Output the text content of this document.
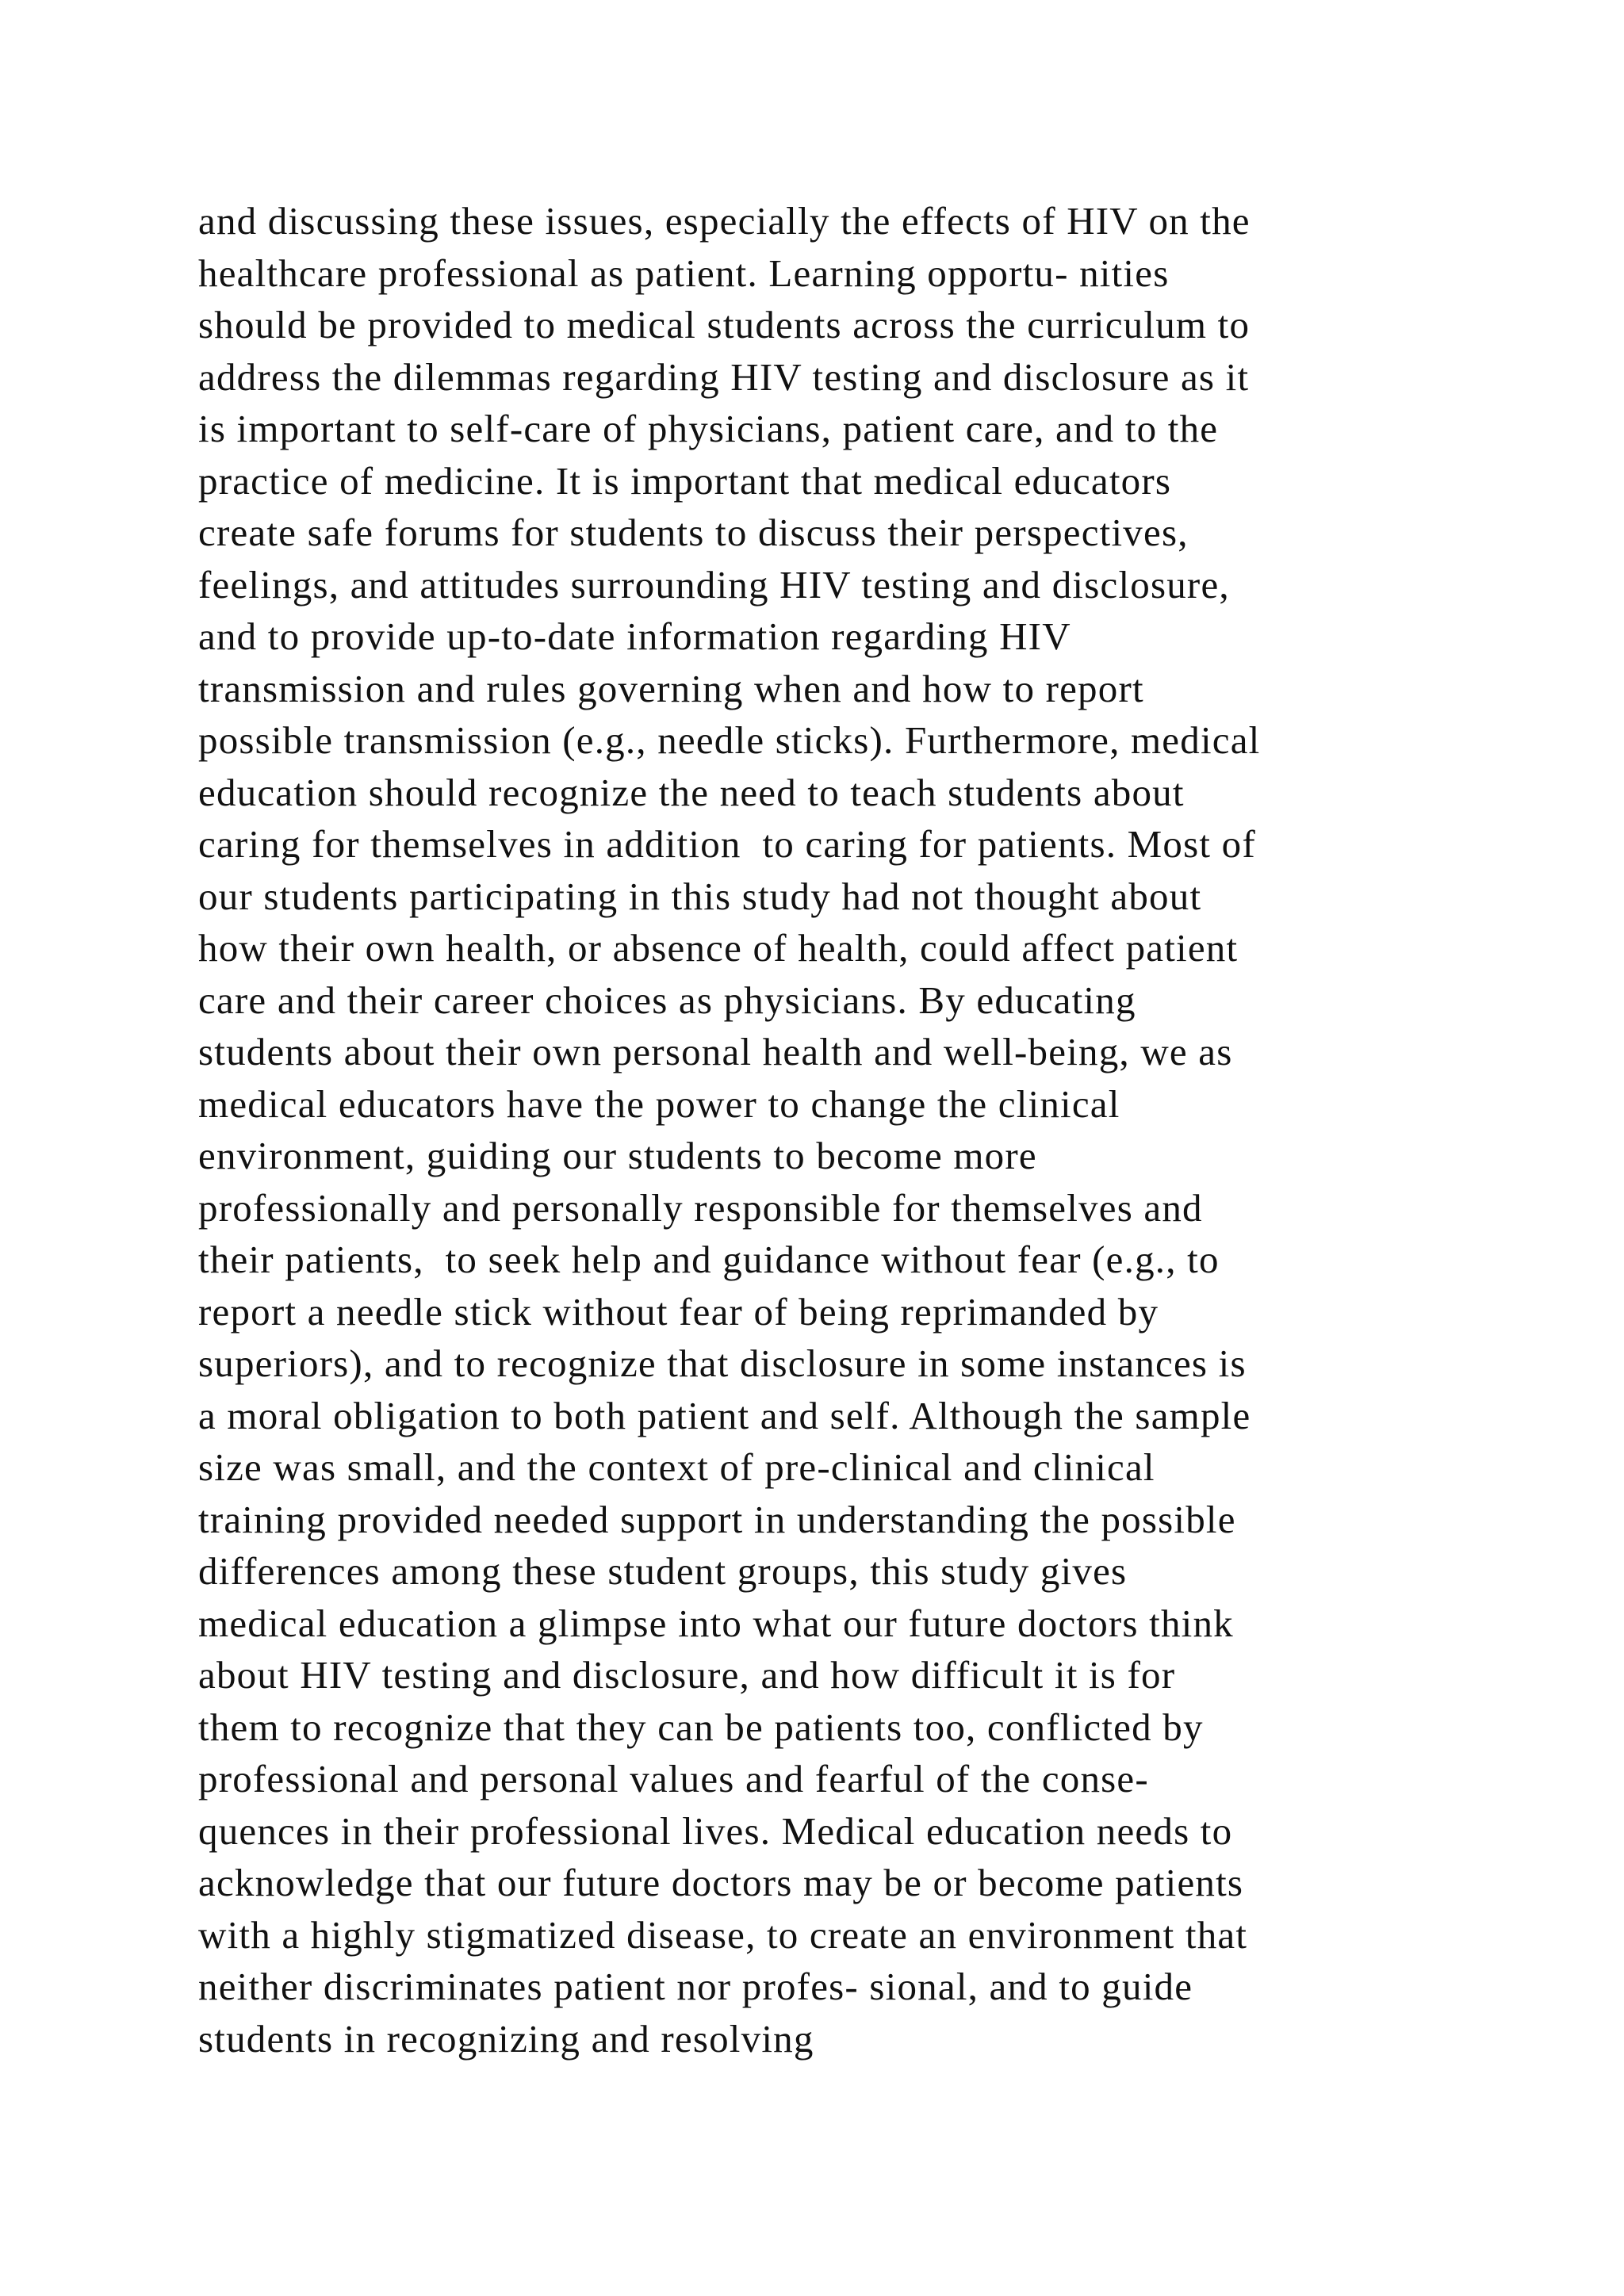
and discussing these issues, especially the effects of HIV on the
healthcare professional as patient. Learning opportu- nities
should be provided to medical students across the curriculum to
address the dilemmas regarding HIV testing and disclosure as it
is important to self-care of physicians, patient care, and to the
practice of medicine. It is important that medical educators
create safe forums for students to discuss their perspectives,
feelings, and attitudes surrounding HIV testing and disclosure,
and to provide up-to-date information regarding HIV
transmission and rules governing when and how to report
possible transmission (e.g., needle sticks). Furthermore, medical
education should recognize the need to teach students about
caring for themselves in addition  to caring for patients. Most of
our students participating in this study had not thought about
how their own health, or absence of health, could affect patient
care and their career choices as physicians. By educating
students about their own personal health and well-being, we as
medical educators have the power to change the clinical
environment, guiding our students to become more
professionally and personally responsible for themselves and
their patients,  to seek help and guidance without fear (e.g., to
report a needle stick without fear of being reprimanded by
superiors), and to recognize that disclosure in some instances is
a moral obligation to both patient and self. Although the sample
size was small, and the context of pre-clinical and clinical
training provided needed support in understanding the possible
differences among these student groups, this study gives
medical education a glimpse into what our future doctors think
about HIV testing and disclosure, and how difficult it is for
them to recognize that they can be patients too, conflicted by
professional and personal values and fearful of the conse-
quences in their professional lives. Medical education needs to
acknowledge that our future doctors may be or become patients
with a highly stigmatized disease, to create an environment that
neither discriminates patient nor profes- sional, and to guide
students in recognizing and resolving
